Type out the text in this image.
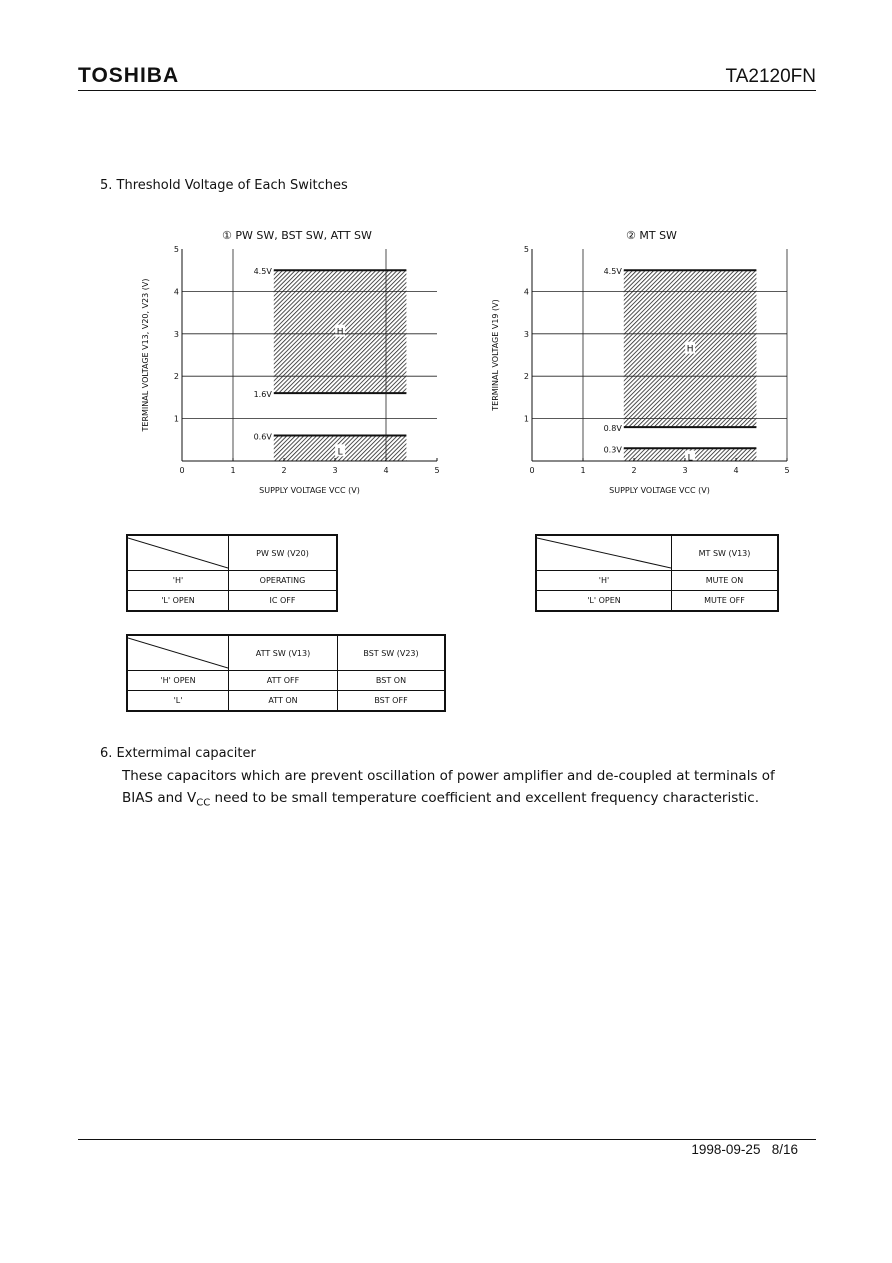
TOSHIBA	TA2120FN
5. Threshold Voltage of Each Switches
① PW SW, BST SW, ATT SW
H
4.5V
1.6V
L
0.6V
1
2
3
4
5
0	1	2	3	4	5
SUPPLY VOLTAGE VCC (V)
TERMINAL VOLTAGE V13, V20, V23 (V)
② MT SW
H
4.5V
0.8V
L
0.3V
1
2
3
4
5
0	1	2	3	4	5
SUPPLY VOLTAGE VCC (V)
TERMINAL VOLTAGE V19 (V)
	PW SW (V20)
'H'	OPERATING
'L' OPEN	IC OFF
	MT SW (V13)
'H'	MUTE ON
'L' OPEN	MUTE OFF
	ATT SW (V13)	BST SW (V23)
'H' OPEN	ATT OFF	BST ON
'L'	ATT ON	BST OFF
6. Extermimal capaciter
These capacitors which are prevent oscillation of power amplifier and de-coupled at terminals of
BIAS and $V_{CC}$ need to be small temperature coefficient and excellent frequency characteristic.
1998-09-25 8/16
